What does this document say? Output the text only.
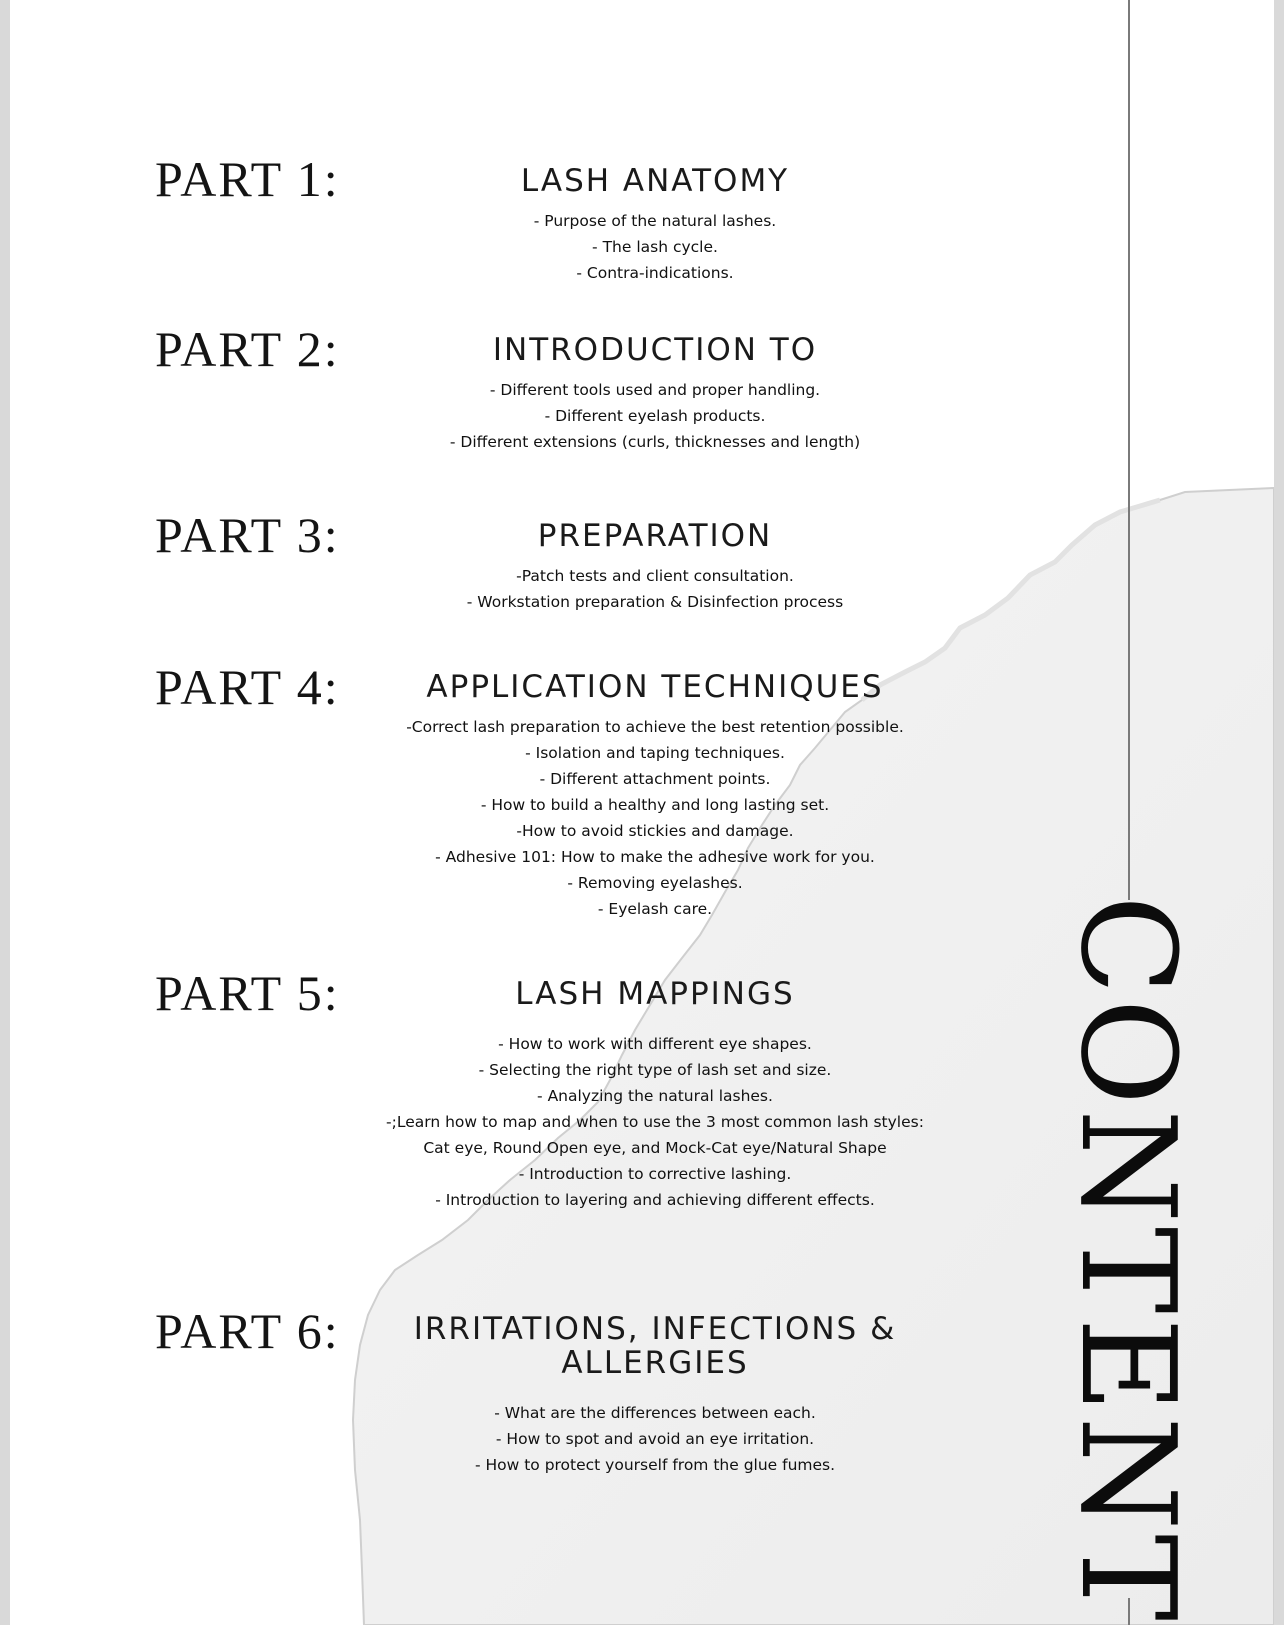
CONTENT
PART 1:	LASH ANATOMY
- Purpose of the natural lashes.
- The lash cycle.
- Contra-indications.
PART 2:	INTRODUCTION TO
- Different tools used and proper handling.
- Different eyelash products.
- Different extensions (curls, thicknesses and length)
PART 3:	PREPARATION
-Patch tests and client consultation.
- Workstation preparation & Disinfection process
PART 4:	APPLICATION TECHNIQUES
-Correct lash preparation to achieve the best retention possible.
- Isolation and taping techniques.
- Different attachment points.
- How to build a healthy and long lasting set.
-How to avoid stickies and damage.
- Adhesive 101: How to make the adhesive work for you.
- Removing eyelashes.
- Eyelash care.
PART 5:	LASH MAPPINGS
- How to work with different eye shapes.
- Selecting the right type of lash set and size.
- Analyzing the natural lashes.
-;Learn how to map and when to use the 3 most common lash styles:
Cat eye, Round Open eye, and Mock-Cat eye/Natural Shape
- Introduction to corrective lashing.
- Introduction to layering and achieving different effects.
PART 6:	IRRITATIONS, INFECTIONS &
ALLERGIES
- What are the differences between each.
- How to spot and avoid an eye irritation.
- How to protect yourself from the glue fumes.
